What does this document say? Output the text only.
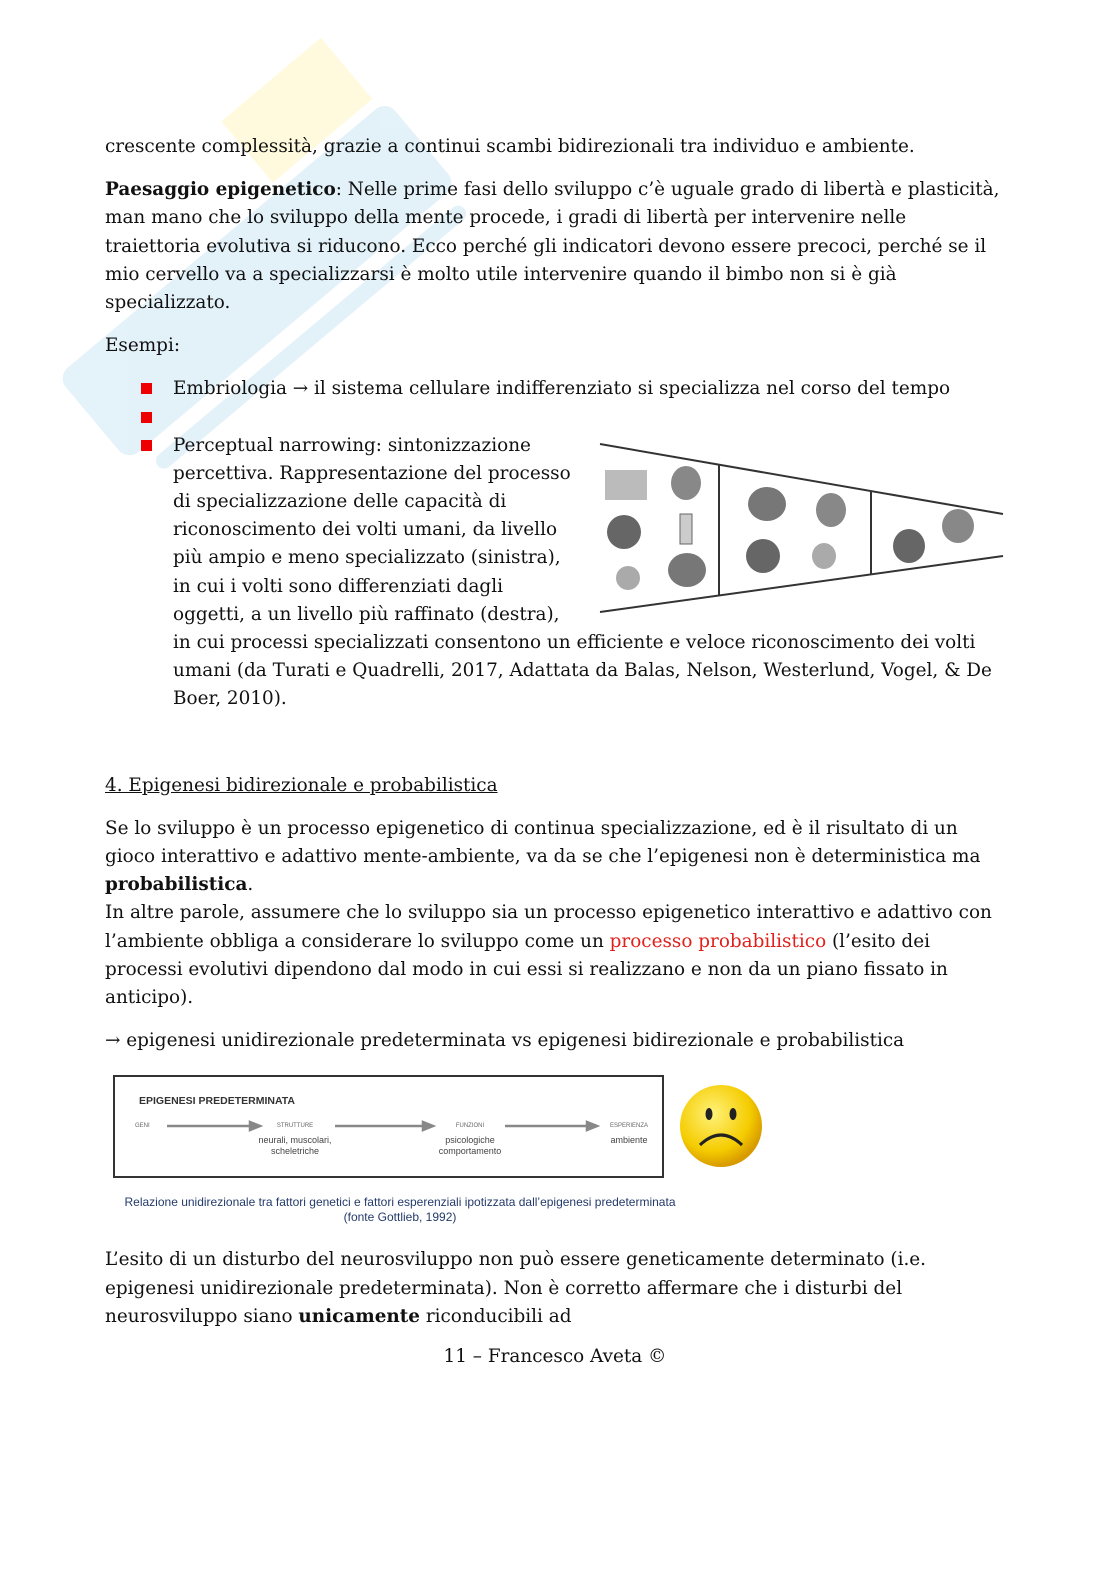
crescente complessità, grazie a continui scambi bidirezionali tra individuo e ambiente.

Paesaggio epigenetico: Nelle prime fasi dello sviluppo c’è uguale grado di libertà e plasticità, man mano che lo sviluppo della mente procede, i gradi di libertà per intervenire nelle traiettoria evolutiva si riducono. Ecco perché gli indicatori devono essere precoci, perché se il mio cervello va a specializzarsi è molto utile intervenire quando il bimbo non si è già specializzato.

Esempi:

Embriologia → il sistema cellulare indifferenziato si specializza nel corso del tempo
Perceptual narrowing: sintonizzazione percettiva. Rappresentazione del processo di specializzazione delle capacità di riconoscimento dei volti umani, da livello più ampio e meno specializzato (sinistra), in cui i volti sono differenziati dagli oggetti, a un livello più raffinato (destra), in cui processi specializzati consentono un efficiente e veloce riconoscimento dei volti umani (da Turati e Quadrelli, 2017, Adattata da Balas, Nelson, Westerlund, Vogel, & De Boer, 2010).
4. Epigenesi bidirezionale e probabilistica

Se lo sviluppo è un processo epigenetico di continua specializzazione, ed è il risultato di un gioco interattivo e adattivo mente-ambiente, va da se che l’epigenesi non è deterministica ma probabilistica.
In altre parole, assumere che lo sviluppo sia un processo epigenetico interattivo e adattivo con l’ambiente obbliga a considerare lo sviluppo come un processo probabilistico (l’esito dei processi evolutivi dipendono dal modo in cui essi si realizzano e non da un piano fissato in anticipo).

→ epigenesi unidirezionale predeterminata vs epigenesi bidirezionale e probabilistica

EPIGENESI PREDETERMINATA
GENI	STRUTTURE
neurali, muscolari, scheletriche
FUNZIONI
psicologiche comportamento
ESPERIENZA
ambiente
Relazione unidirezionale tra fattori genetici e fattori esperenziali ipotizzata dall’epigenesi predeterminata
(fonte Gottlieb, 1992)

L’esito di un disturbo del neurosviluppo non può essere geneticamente determinato (i.e. epigenesi unidirezionale predeterminata). Non è corretto affermare che i disturbi del neurosviluppo siano unicamente riconducibili ad

11 – Francesco Aveta ©
